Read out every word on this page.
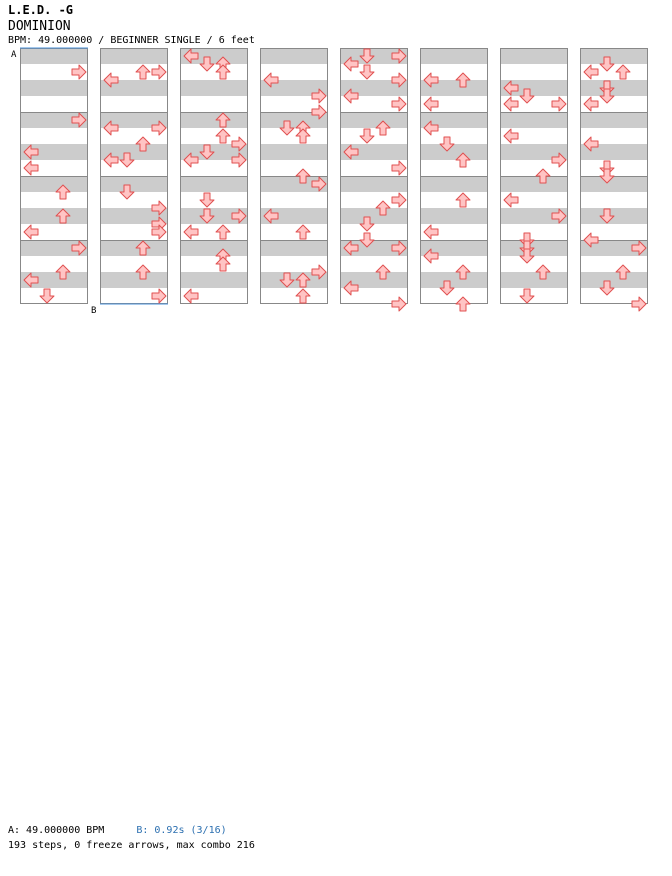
L.E.D. -G
DOMINION
BPM: 49.000000 / BEGINNER SINGLE / 6 feet
A
B
A: 49.000000 BPM	B: 0.92s (3/16)
193 steps, 0 freeze arrows, max combo 216
